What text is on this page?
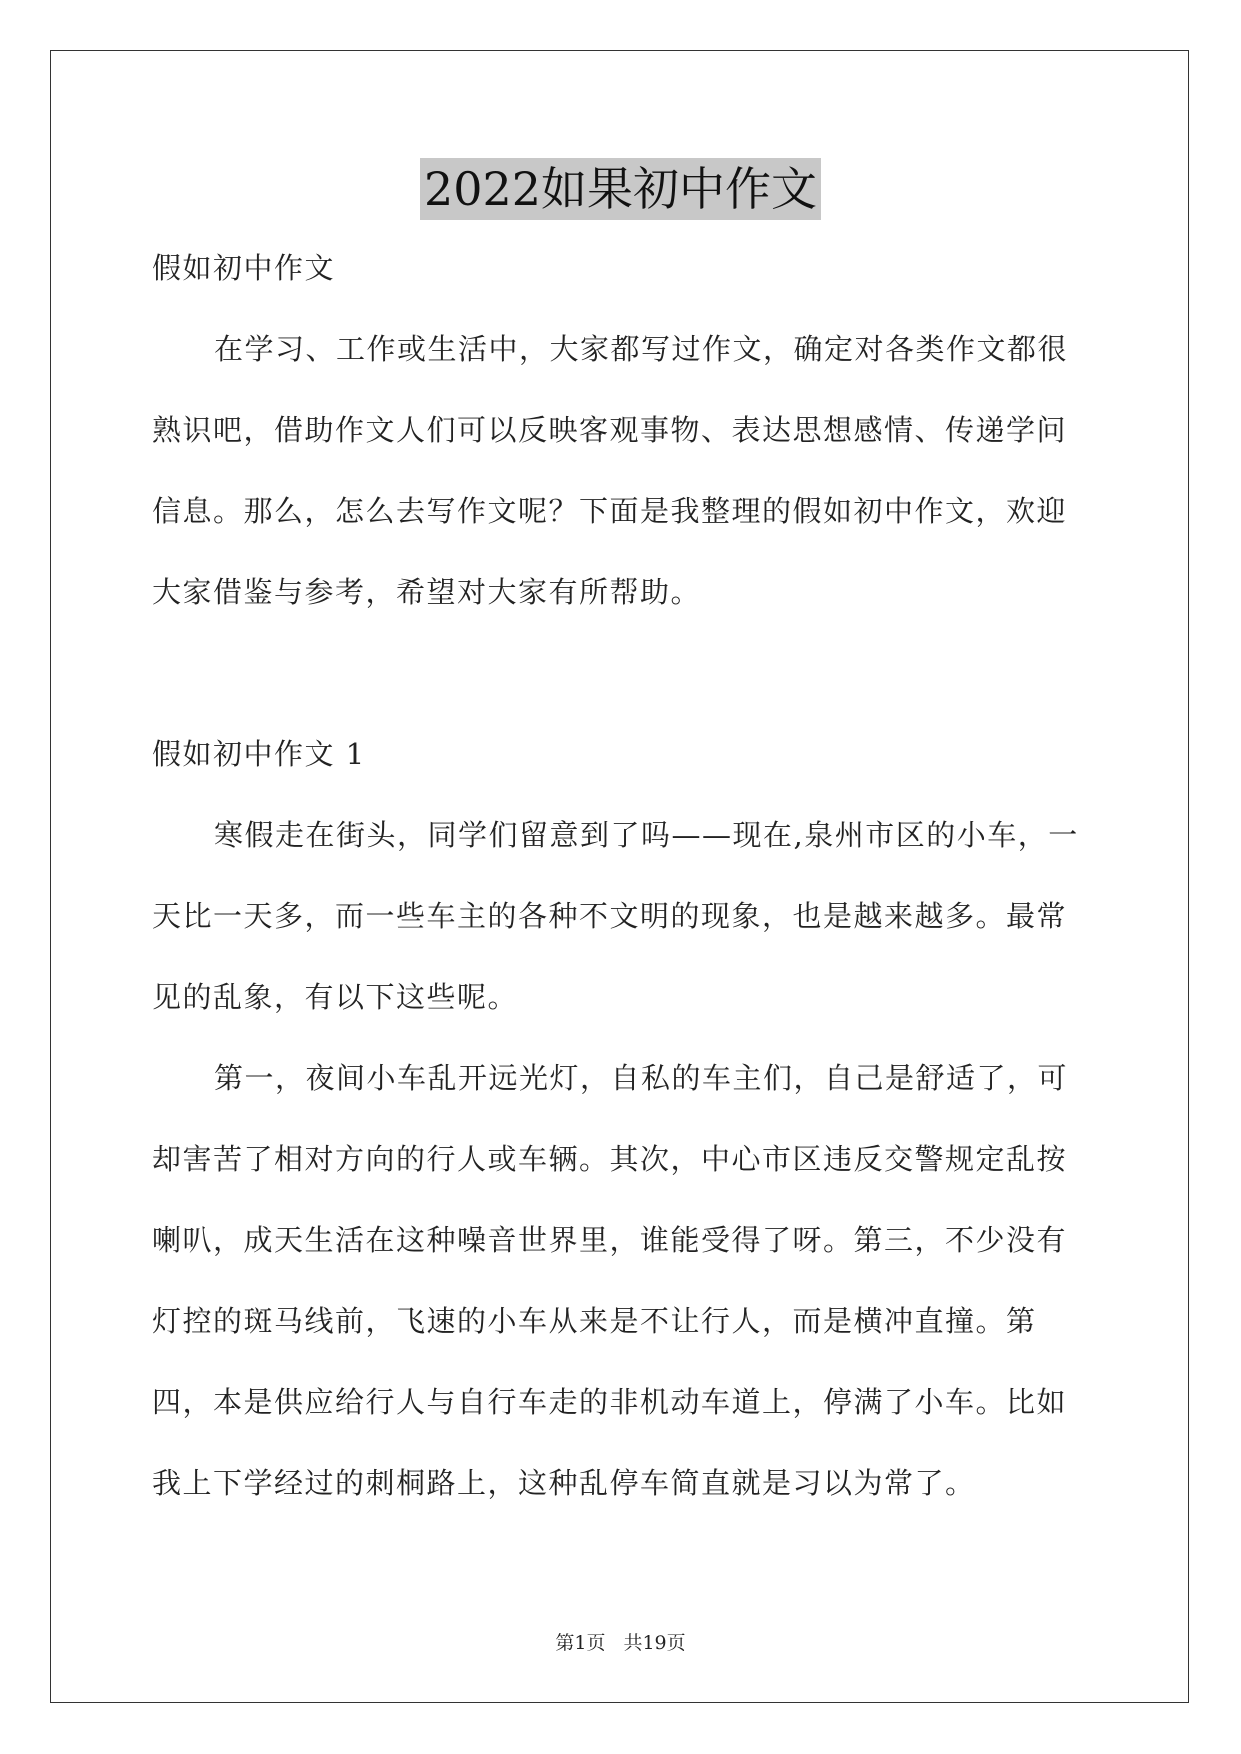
2022如果初中作文

假如初中作文

在学习、工作或生活中，大家都写过作文，确定对各类作文都很熟识吧，借助作文人们可以反映客观事物、表达思想感情、传递学问信息。那么，怎么去写作文呢？下面是我整理的假如初中作文，欢迎大家借鉴与参考，希望对大家有所帮助。

假如初中作文 1

寒假走在街头，同学们留意到了吗——现在,泉州市区的小车，一天比一天多，而一些车主的各种不文明的现象，也是越来越多。最常见的乱象，有以下这些呢。

第一，夜间小车乱开远光灯，自私的车主们，自己是舒适了，可却害苦了相对方向的行人或车辆。其次，中心市区违反交警规定乱按喇叭，成天生活在这种噪音世界里，谁能受得了呀。第三，不少没有灯控的斑马线前，飞速的小车从来是不让行人，而是横冲直撞。第四，本是供应给行人与自行车走的非机动车道上，停满了小车。比如我上下学经过的刺桐路上，这种乱停车简直就是习以为常了。

第1页 共19页
